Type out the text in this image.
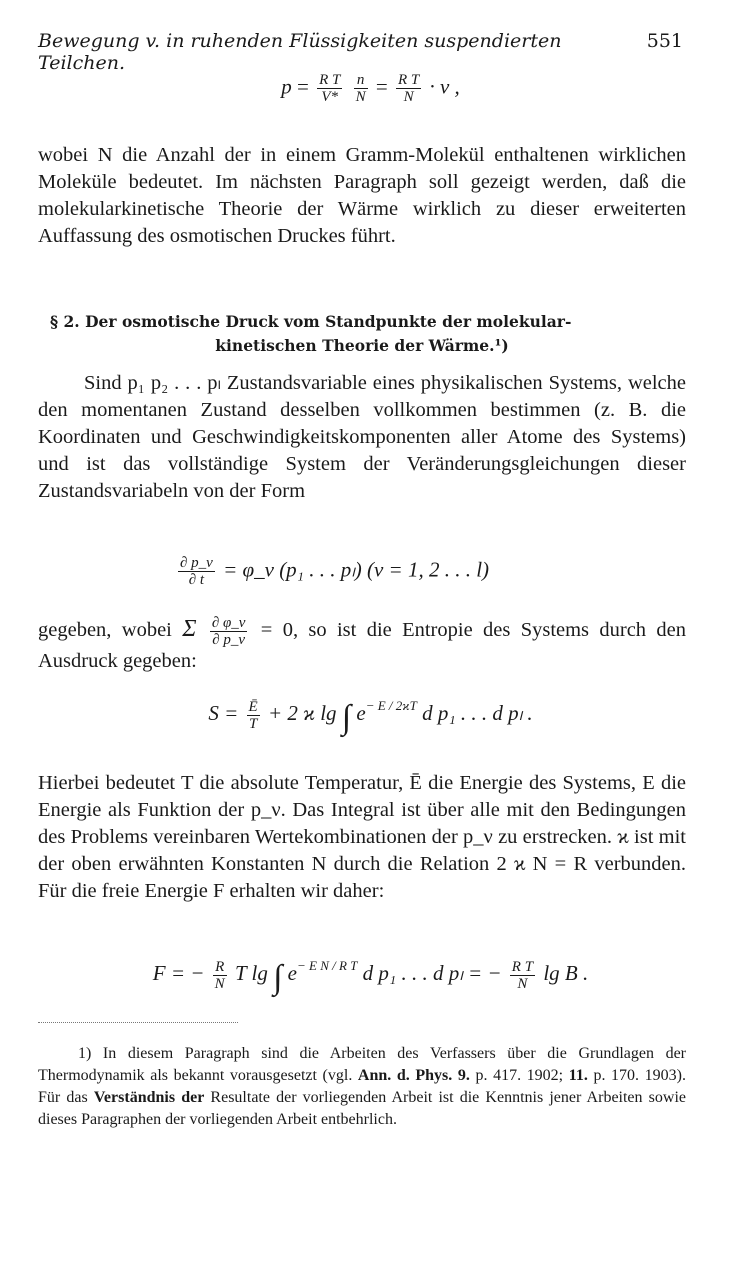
Bewegung v. in ruhenden Flüssigkeiten suspendierten Teilchen.
551
$p = \frac{\text{R T}}{V*}$
$\frac{n}{N} = \frac{\text{R T}}{N} \cdot \nu$ ,

wobei N die Anzahl der in einem Gramm-Molekül enthaltenen wirklichen Moleküle bedeutet. Im nächsten Paragraph soll gezeigt werden, daß die molekularkinetische Theorie der Wärme wirklich zu dieser erweiterten Auffassung des osmotischen Druckes führt.

§ 2. Der osmotische Druck vom Standpunkte der molekular-
kinetischen Theorie der Wärme.¹)

Sind p₁ p₂ . . . pₗ Zustandsvariable eines physikalischen Systems, welche den momentanen Zustand desselben vollkommen bestimmen (z. B. die Koordinaten und Geschwindigkeitskomponenten aller Atome des Systems) und ist das vollständige System der Veränderungsgleichungen dieser Zustandsvariabeln von der Form

$\frac{\partial p\_\nu}{\partial t}$ = φ_ν (p₁ . . . pₗ) (ν = 1, 2 . . . l)
gegeben, wobei Σ $\frac{\partial \varphi\_\nu}{\partial p\_\nu} = 0$, so ist die Entropie des Systems durch den Ausdruck gegeben:
$S = \frac{Ē}{T} + 2$ ϰ lg ∫ $e^{- E / 2ϰT}$ d p₁ . . . d pₗ .

Hierbei bedeutet T die absolute Temperatur, Ē die Energie des Systems, E die Energie als Funktion der p_ν. Das Integral ist über alle mit den Bedingungen des Problems vereinbaren Wertekombinationen der p_ν zu erstrecken. ϰ ist mit der oben erwähnten Konstanten N durch die Relation 2 ϰ N = R verbunden. Für die freie Energie F erhalten wir daher:

F = − $\frac{R}{N}$ T lg ∫ $e^{- E N / R T}$ d p₁ . . . d pₗ = − $\frac{\text{R T}}{N}$ lg B .
1) In diesem Paragraph sind die Arbeiten des Verfassers über die Grundlagen der Thermodynamik als bekannt vorausgesetzt (vgl. Ann. d. Phys. 9. p. 417. 1902; 11. p. 170. 1903). Für das Verständnis der Resultate der vorliegenden Arbeit ist die Kenntnis jener Arbeiten sowie dieses Paragraphen der vorliegenden Arbeit entbehrlich.
